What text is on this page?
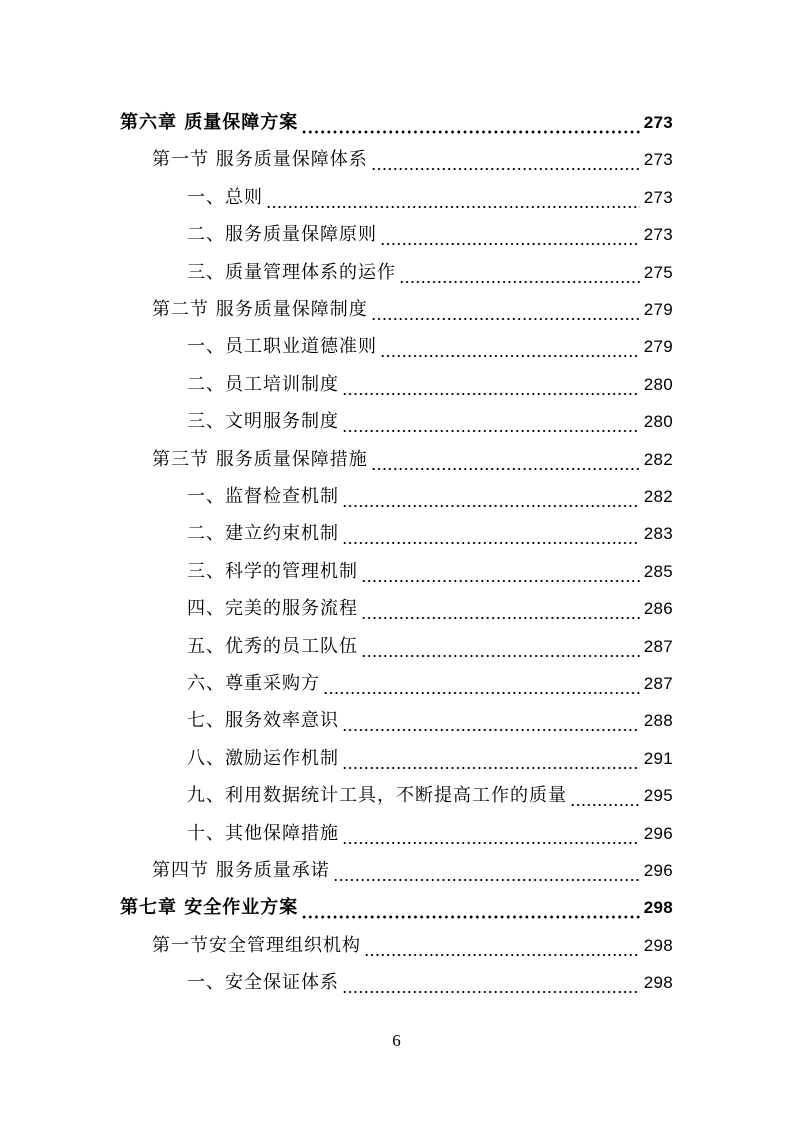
第六章 质量保障方案	273
第一节 服务质量保障体系	273
一、总则	273
二、服务质量保障原则	273
三、质量管理体系的运作	275
第二节 服务质量保障制度	279
一、员工职业道德准则	279
二、员工培训制度	280
三、文明服务制度	280
第三节 服务质量保障措施	282
一、监督检查机制	282
二、建立约束机制	283
三、科学的管理机制	285
四、完美的服务流程	286
五、优秀的员工队伍	287
六、尊重采购方	287
七、服务效率意识	288
八、激励运作机制	291
九、利用数据统计工具，不断提高工作的质量	295
十、其他保障措施	296
第四节 服务质量承诺	296
第七章 安全作业方案	298
第一节安全管理组织机构	298
一、安全保证体系	298
6
